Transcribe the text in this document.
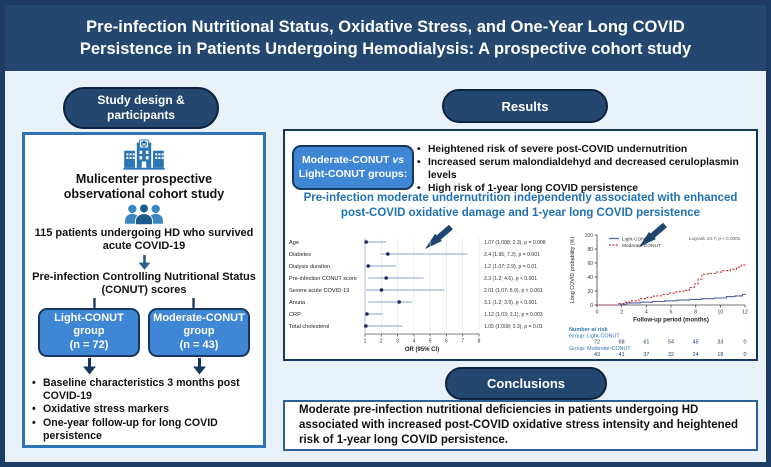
Pre-infection Nutritional Status, Oxidative Stress, and One-Year Long COVID Persistence in Patients Undergoing Hemodialysis: A prospective cohort study
Study design &
participants
H
Mulicenter prospective observational cohort study
115 patients undergoing HD who survived acute COVID-19
Pre-infection Controlling Nutritional Status (CONUT) scores
Light-CONUT
group
(n = 72)
Moderate-CONUT
group
(n = 43)
• Baseline characteristics 3 months post COVID-19
• Oxidative stress markers
• One-year follow-up for long COVID persistence
Results
Moderate-CONUT vs
Light-CONUT groups:
• Heightened risk of severe post-COVID undernutrition
• Increased serum malondialdehyd and decreased ceruloplasmin levels
• High risk of 1-year long COVID persistence
Pre-infection moderate undernutrition independently associated with enhanced
post-COVID oxidative damage and 1-year long COVID persistence
1	2	3	4	5	6	7	8
OR (95% CI)
Age	1.07 (1.008; 2.3), p = 0.008
Diabetes	2.4 (1.95; 7.3), p = 0.001
Dialysis duration	1.2 (1.07; 2.9), p = 0.01
Pre-infection CONUT score	2.3 (1.2; 4.6), p < 0.001
Severe acute COVID-19	2.01 (1.07; 5.9), p < 0.001
Anuria	3.1 (1.2; 3.9), p < 0.001
CRP	1.12 (1.03; 2.1), p = 0.003
Total cholesterol	1.05 (1.008; 3.3), p = 0.01
0
20
40
60
80
100
0	2	4	6	8	10	12
Long COVID probability (%)
Follow-up period (months)
Light-CONUT
Moderate-CONUT
Logrank 24.7, p < 0.0001
Number at risk
Group: Light-CONUT
72	68	61	54	45	33	0
Group: Moderate-CONUT
43	41	37	32	24	18	0
Conclusions
Moderate pre-infection nutritional deficiencies in patients undergoing HD associated with increased post-COVID oxidative stress intensity and heightened risk of 1-year long COVID persistence.
